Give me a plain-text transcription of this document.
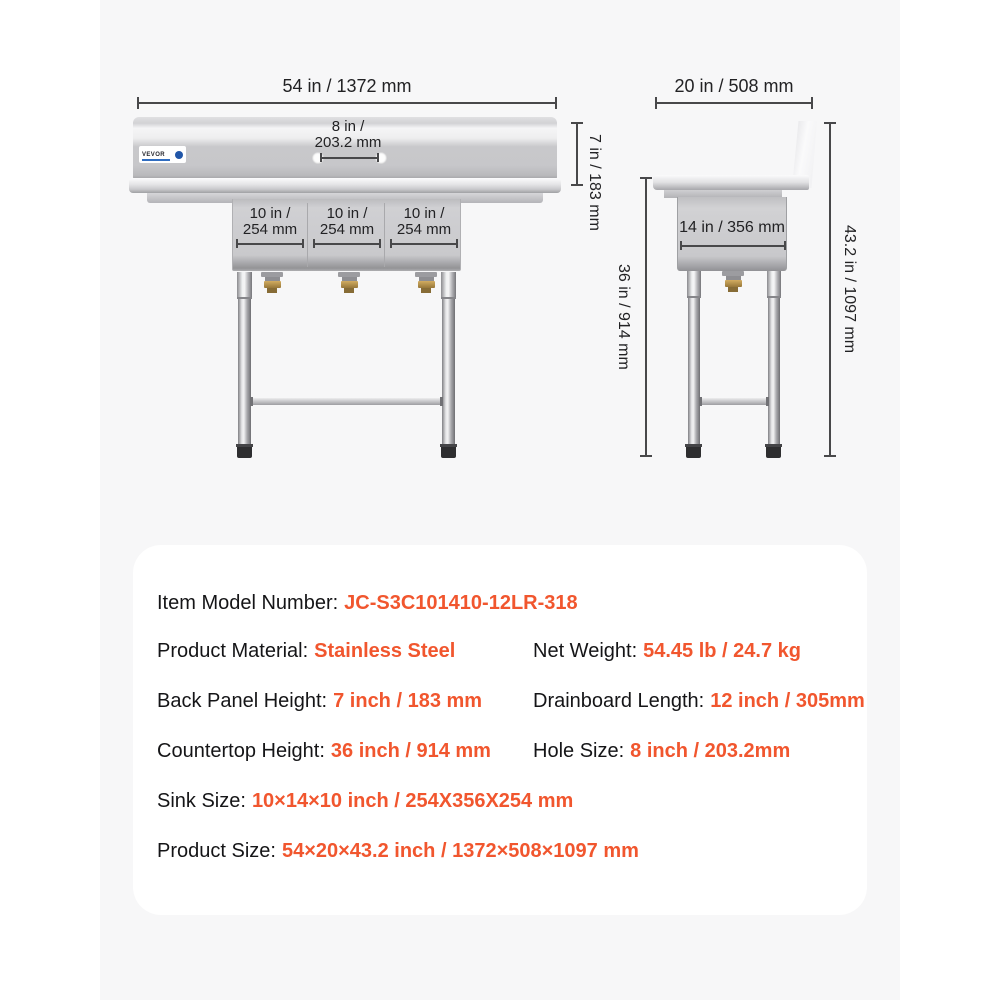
54 in / 1372 mm
VEVOR
8 in /
203.2 mm
10 in /
254 mm
10 in /
254 mm
10 in /
254 mm	7 in / 183 mm
20 in / 508 mm
14 in / 356 mm
36 in / 914 mm	43.2 in / 1097 mm
Item Model Number: JC-S3C101410-12LR-318
Product Material: Stainless Steel	Net Weight: 54.45 lb / 24.7 kg
Back Panel Height: 7 inch / 183 mm	Drainboard Length: 12 inch / 305mm
Countertop Height: 36 inch / 914 mm Hole Size: 8 inch / 203.2mm
Sink Size: 10×14×10 inch / 254X356X254 mm
Product Size: 54×20×43.2 inch / 1372×508×1097 mm
